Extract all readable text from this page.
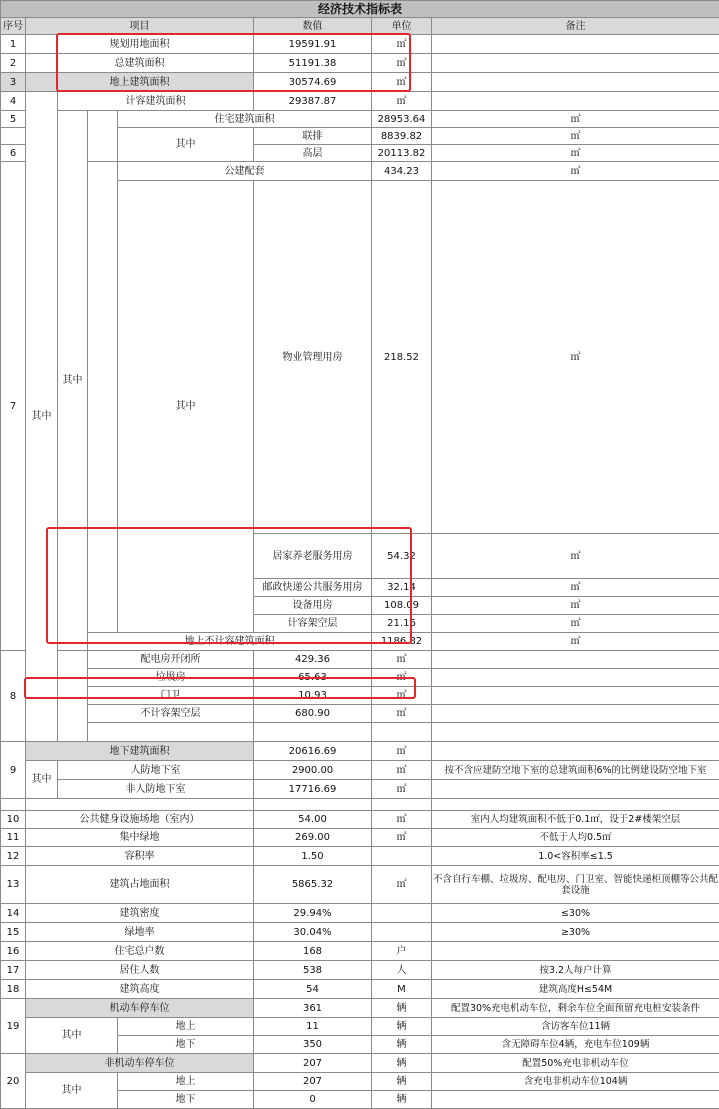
经济技术指标表								
序号	项目				数值	单位	备注	
1	规划用地面积				19591.91	㎡		
2	总建筑面积				51191.38	㎡		
3	地上建筑面积				30574.69	㎡		
4	其中	计容建筑面积			29387.87	㎡		
5		其中		住宅建筑面积		28953.64	㎡	
				其中	联排	8839.82	㎡	
6					高层	20113.82	㎡	
7				公建配套		434.23	㎡	
				其中	物业管理用房	218.52	㎡	
					居家养老服务用房	54.32	㎡	
					邮政快递公共服务用房	32.14	㎡	
					设备用房	108.09	㎡	
					计容架空层	21.16	㎡	
			地上不计容建筑面积			1186.82	㎡	
8			配电房开闭所		429.36	㎡		
			垃圾房		65.63	㎡		
			门卫		10.93	㎡		
			不计容架空层		680.90	㎡		

9	地下建筑面积				20616.69	㎡		
	其中	人防地下室			2900.00	㎡	按不含应建防空地下室的总建筑面积6%的比例建设防空地下室	
		非人防地下室			17716.69	㎡		

10	公共健身设施场地（室内）				54.00	㎡	室内人均建筑面积不低于0.1㎡，设于2#楼架空层	
11	集中绿地				269.00	㎡	不低于人均0.5㎡	
12	容积率				1.50		1.0<容积率≤1.5	
13	建筑占地面积				5865.32	㎡	不含自行车棚、垃圾房、配电房、门卫室、智能快递柜顶棚等公共配套设施	
14	建筑密度				29.94%		≤30%	
15	绿地率				30.04%		≥30%	
16	住宅总户数				168	户		
17	居住人数				538	人	按3.2人每户计算	
18	建筑高度				54	M	建筑高度H≤54M	
19	机动车停车位				361	辆	配置30%充电机动车位，剩余车位全面预留充电桩安装条件	
	其中			地上	11	辆	含访客车位11辆	
				地下	350	辆	含无障碍车位4辆，充电车位109辆	
20	非机动车停车位				207	辆	配置50%充电非机动车位	
	其中			地上	207	辆	含充电非机动车位104辆	
				地下	0	辆		
